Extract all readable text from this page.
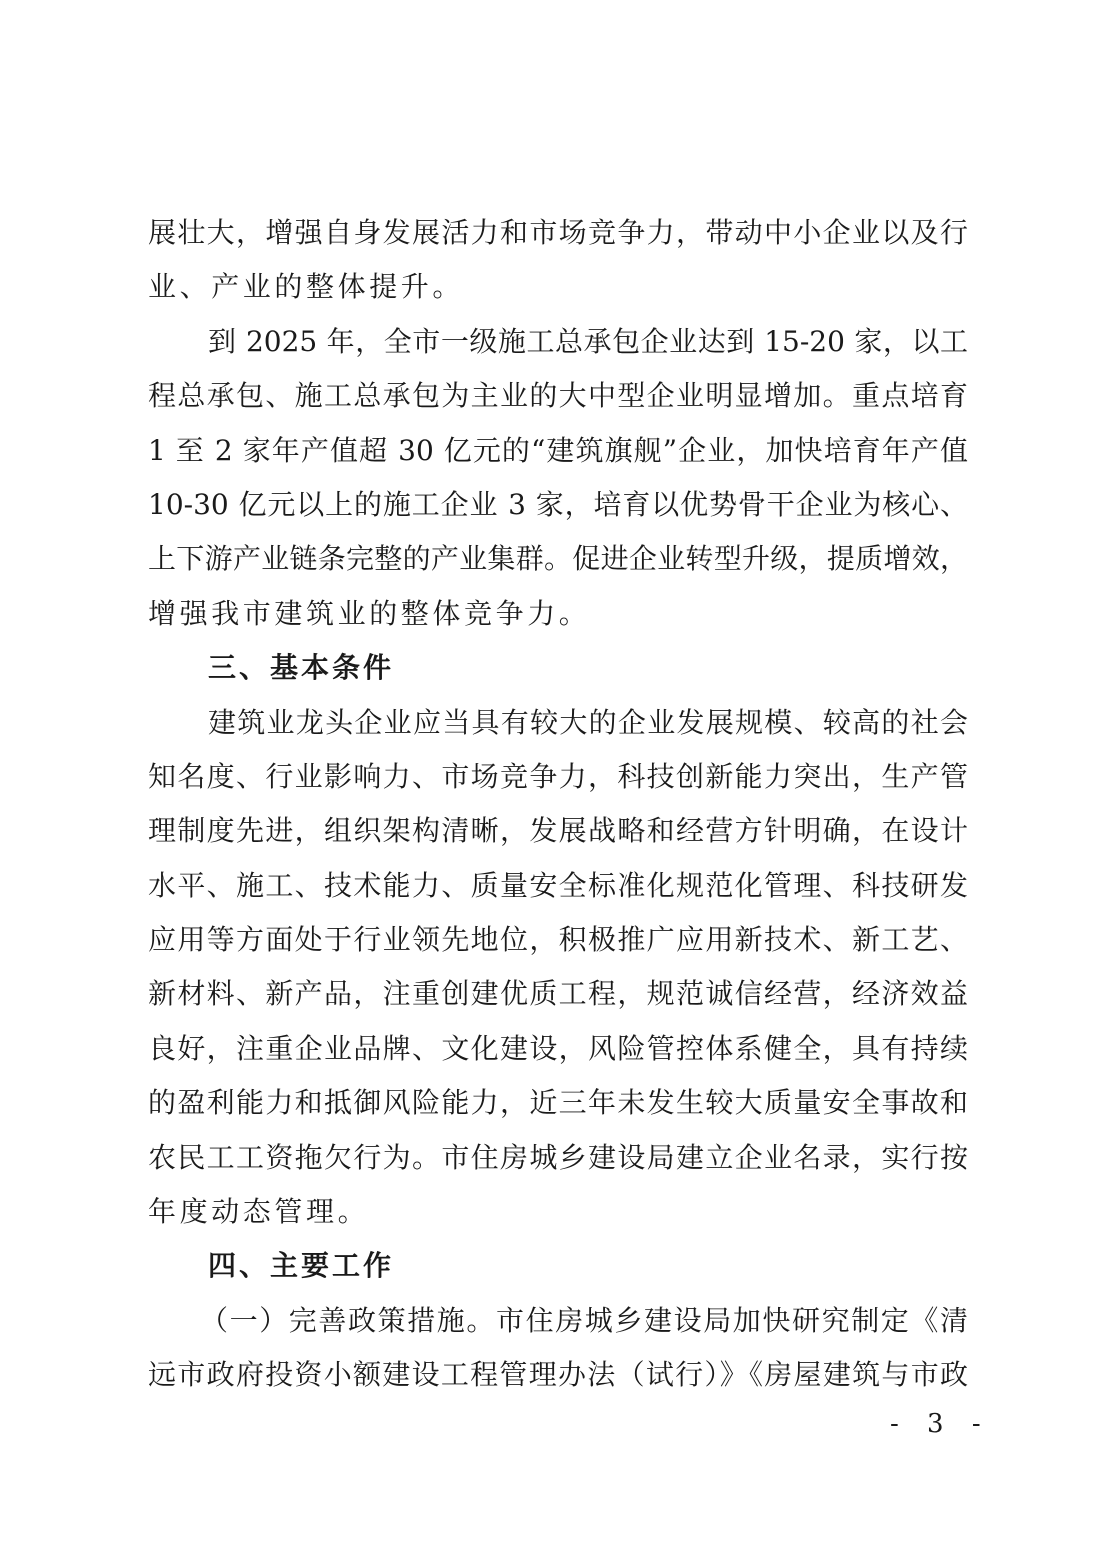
展壮大，增强自身发展活力和市场竞争力，带动中小企业以及行
业、产业的整体提升。
到 2025 年，全市一级施工总承包企业达到 15-20 家，以工
程总承包、施工总承包为主业的大中型企业明显增加。重点培育
1 至 2 家年产值超 30 亿元的“建筑旗舰”企业，加快培育年产值
10-30 亿元以上的施工企业 3 家，培育以优势骨干企业为核心、
上下游产业链条完整的产业集群。促进企业转型升级，提质增效，
增强我市建筑业的整体竞争力。
三、基本条件
建筑业龙头企业应当具有较大的企业发展规模、较高的社会
知名度、行业影响力、市场竞争力，科技创新能力突出，生产管
理制度先进，组织架构清晰，发展战略和经营方针明确，在设计
水平、施工、技术能力、质量安全标准化规范化管理、科技研发
应用等方面处于行业领先地位，积极推广应用新技术、新工艺、
新材料、新产品，注重创建优质工程，规范诚信经营，经济效益
良好，注重企业品牌、文化建设，风险管控体系健全，具有持续
的盈利能力和抵御风险能力，近三年未发生较大质量安全事故和
农民工工资拖欠行为。市住房城乡建设局建立企业名录，实行按
年度动态管理。
四、主要工作
（一）完善政策措施。市住房城乡建设局加快研究制定《清
远市政府投资小额建设工程管理办法（试行）》《房屋建筑与市政
- 3 -
